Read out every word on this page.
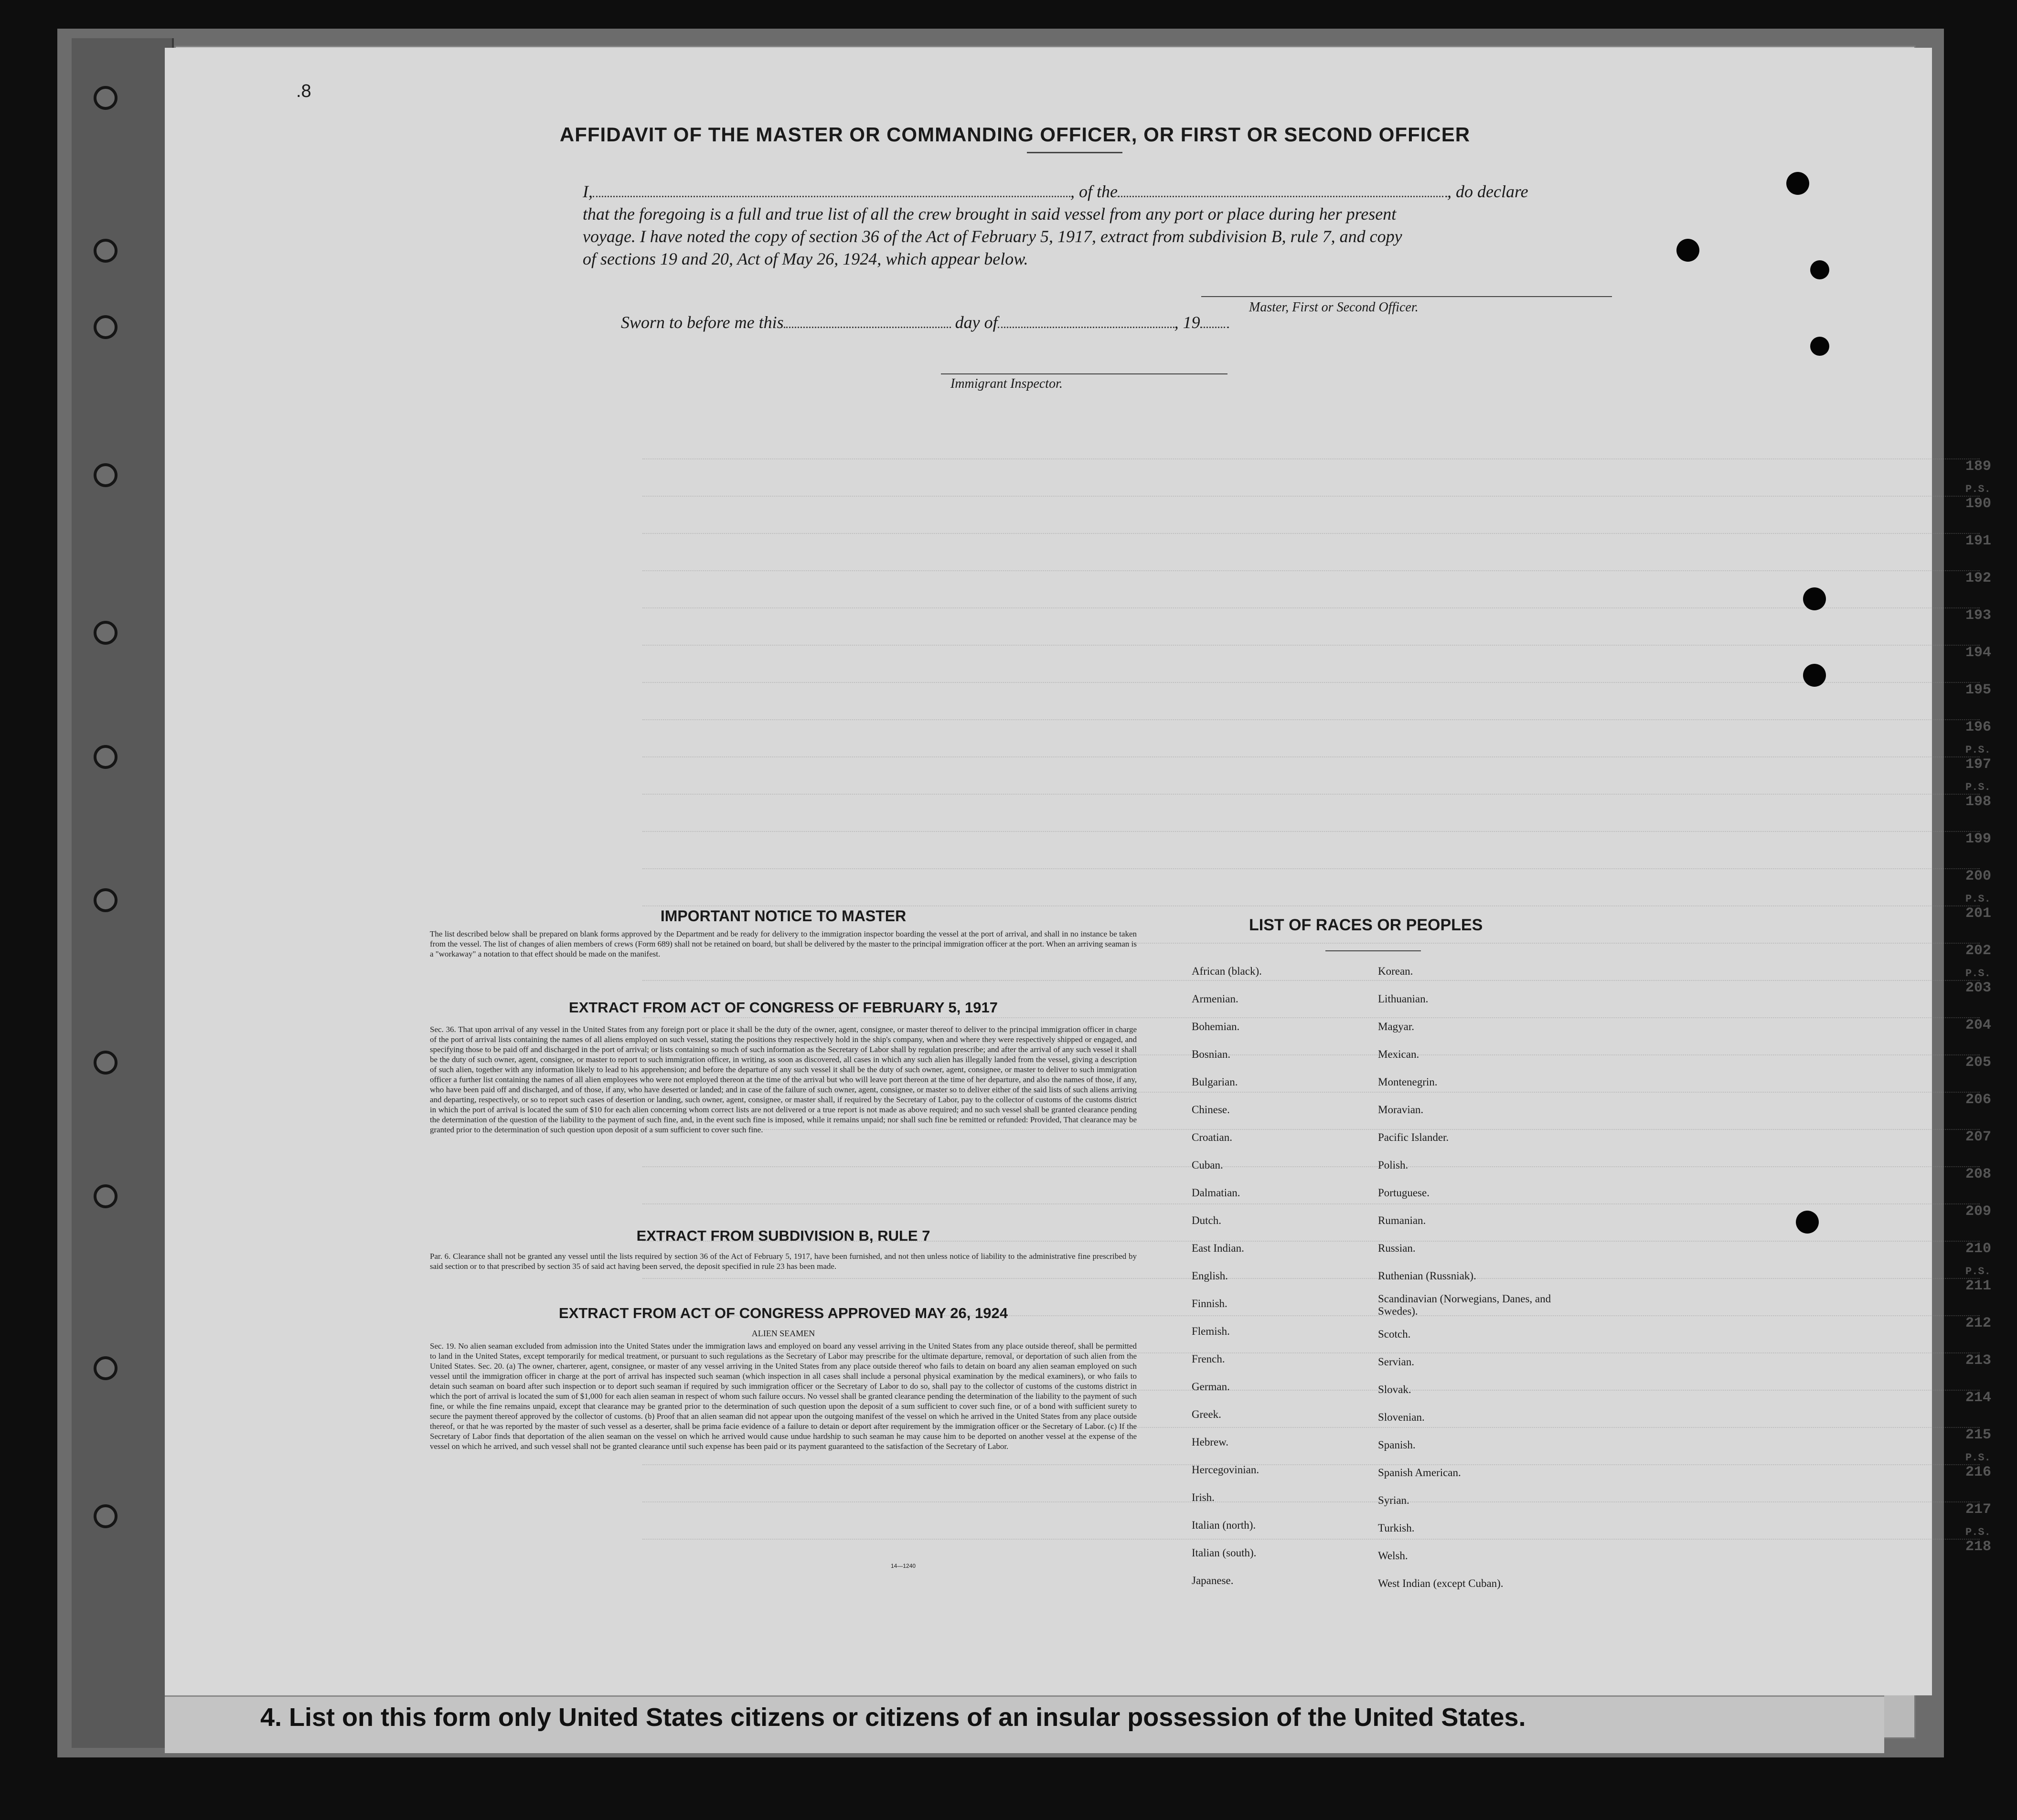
4. List on this form only United States citizens or citizens of an insular possession of the United States.
.8
AFFIDAVIT OF THE MASTER OR COMMANDING OFFICER, OR FIRST OR SECOND OFFICER
I,	, of the	, do declare
that the foregoing is a full and true list of all the crew brought in said vessel from any port or place during her present
voyage. I have noted the copy of section 36 of the Act of February 5, 1917, extract from subdivision B, rule 7, and copy
of sections 19 and 20, Act of May 26, 1924, which appear below.
Master, First or Second Officer.
Sworn to before me this	day of	, 19
Immigrant Inspector.
189
P.S.
190
191
192
193
194
195
196
P.S.
197
P.S.
198
199
200
P.S.
201
202
P.S.
203
204
205
206
207
208
209
210
P.S.
211
212
213
214
215
P.S.
216
217
P.S.
218
IMPORTANT NOTICE TO MASTER
The list described below shall be prepared on blank forms approved by the Department and be ready for delivery to the immigration inspector boarding the vessel at the port of arrival, and shall in no instance be taken from the vessel. The list of changes of alien members of crews (Form 689) shall not be retained on board, but shall be delivered by the master to the principal immigration officer at the port. When an arriving seaman is a "workaway" a notation to that effect should be made on the manifest.
EXTRACT FROM ACT OF CONGRESS OF FEBRUARY 5, 1917
Sec. 36. That upon arrival of any vessel in the United States from any foreign port or place it shall be the duty of the owner, agent, consignee, or master thereof to deliver to the principal immigration officer in charge of the port of arrival lists containing the names of all aliens employed on such vessel, stating the positions they respectively hold in the ship's company, when and where they were respectively shipped or engaged, and specifying those to be paid off and discharged in the port of arrival; or lists containing so much of such information as the Secretary of Labor shall by regulation prescribe; and after the arrival of any such vessel it shall be the duty of such owner, agent, consignee, or master to report to such immigration officer, in writing, as soon as discovered, all cases in which any such alien has illegally landed from the vessel, giving a description of such alien, together with any information likely to lead to his apprehension; and before the departure of any such vessel it shall be the duty of such owner, agent, consignee, or master to deliver to such immigration officer a further list containing the names of all alien employees who were not employed thereon at the time of the arrival but who will leave port thereon at the time of her departure, and also the names of those, if any, who have been paid off and discharged, and of those, if any, who have deserted or landed; and in case of the failure of such owner, agent, consignee, or master so to deliver either of the said lists of such aliens arriving and departing, respectively, or so to report such cases of desertion or landing, such owner, agent, consignee, or master shall, if required by the Secretary of Labor, pay to the collector of customs of the customs district in which the port of arrival is located the sum of $10 for each alien concerning whom correct lists are not delivered or a true report is not made as above required; and no such vessel shall be granted clearance pending the determination of the question of the liability to the payment of such fine, and, in the event such fine is imposed, while it remains unpaid; nor shall such fine be remitted or refunded: Provided, That clearance may be granted prior to the determination of such question upon deposit of a sum sufficient to cover such fine.
EXTRACT FROM SUBDIVISION B, RULE 7
Par. 6. Clearance shall not be granted any vessel until the lists required by section 36 of the Act of February 5, 1917, have been furnished, and not then unless notice of liability to the administrative fine prescribed by said section or to that prescribed by section 35 of said act having been served, the deposit specified in rule 23 has been made.
EXTRACT FROM ACT OF CONGRESS APPROVED MAY 26, 1924
ALIEN SEAMEN
Sec. 19. No alien seaman excluded from admission into the United States under the immigration laws and employed on board any vessel arriving in the United States from any place outside thereof, shall be permitted to land in the United States, except temporarily for medical treatment, or pursuant to such regulations as the Secretary of Labor may prescribe for the ultimate departure, removal, or deportation of such alien from the United States. Sec. 20. (a) The owner, charterer, agent, consignee, or master of any vessel arriving in the United States from any place outside thereof who fails to detain on board any alien seaman employed on such vessel until the immigration officer in charge at the port of arrival has inspected such seaman (which inspection in all cases shall include a personal physical examination by the medical examiners), or who fails to detain such seaman on board after such inspection or to deport such seaman if required by such immigration officer or the Secretary of Labor to do so, shall pay to the collector of customs of the customs district in which the port of arrival is located the sum of $1,000 for each alien seaman in respect of whom such failure occurs. No vessel shall be granted clearance pending the determination of the liability to the payment of such fine, or while the fine remains unpaid, except that clearance may be granted prior to the determination of such question upon the deposit of a sum sufficient to cover such fine, or of a bond with sufficient surety to secure the payment thereof approved by the collector of customs. (b) Proof that an alien seaman did not appear upon the outgoing manifest of the vessel on which he arrived in the United States from any place outside thereof, or that he was reported by the master of such vessel as a deserter, shall be prima facie evidence of a failure to detain or deport after requirement by the immigration officer or the Secretary of Labor. (c) If the Secretary of Labor finds that deportation of the alien seaman on the vessel on which he arrived would cause undue hardship to such seaman he may cause him to be deported on another vessel at the expense of the vessel on which he arrived, and such vessel shall not be granted clearance until such expense has been paid or its payment guaranteed to the satisfaction of the Secretary of Labor.
14—1240
LIST OF RACES OR PEOPLES
African (black).
Armenian.
Bohemian.
Bosnian.
Bulgarian.
Chinese.
Croatian.
Cuban.
Dalmatian.
Dutch.
East Indian.
English.
Finnish.
Flemish.
French.
German.
Greek.
Hebrew.
Hercegovinian.
Irish.
Italian (north).
Italian (south).
Japanese.
Korean.
Lithuanian.
Magyar.
Mexican.
Montenegrin.
Moravian.
Pacific Islander.
Polish.
Portuguese.
Rumanian.
Russian.
Ruthenian (Russniak).
Scandinavian (Norwegians, Danes, and Swedes).
Scotch.
Servian.
Slovak.
Slovenian.
Spanish.
Spanish American.
Syrian.
Turkish.
Welsh.
West Indian (except Cuban).
